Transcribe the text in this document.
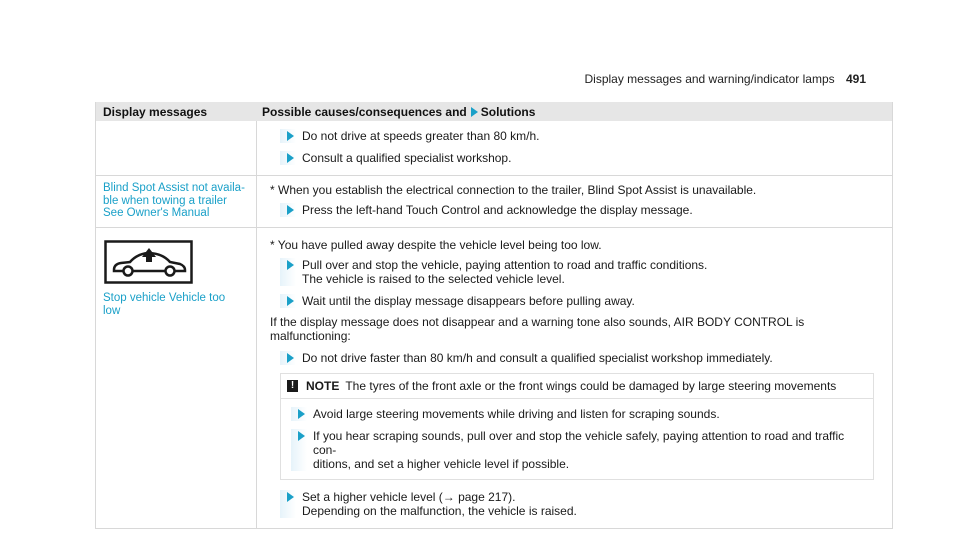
Display messages and warning/indicator lamps 491
Display messages	Possible causes/consequences and Solutions
Do not drive at speeds greater than 80 km/h.
Consult a qualified specialist workshop.
Blind Spot Assist not availa-
ble when towing a trailer
See Owner's Manual
* When you establish the electrical connection to the trailer, Blind Spot Assist is unavailable.
Press the left-hand Touch Control and acknowledge the display message.
Stop vehicle Vehicle too
low
* You have pulled away despite the vehicle level being too low.
Pull over and stop the vehicle, paying attention to road and traffic conditions.
The vehicle is raised to the selected vehicle level.
Wait until the display message disappears before pulling away.
If the display message does not disappear and a warning tone also sounds, AIR BODY CONTROL is malfunctioning:
Do not drive faster than 80 km/h and consult a qualified specialist workshop immediately.
! NOTE The tyres of the front axle or the front wings could be damaged by large steering movements
Avoid large steering movements while driving and listen for scraping sounds.
If you hear scraping sounds, pull over and stop the vehicle safely, paying attention to road and traffic con-
ditions, and set a higher vehicle level if possible.
Set a higher vehicle level (→ page 217).
Depending on the malfunction, the vehicle is raised.
